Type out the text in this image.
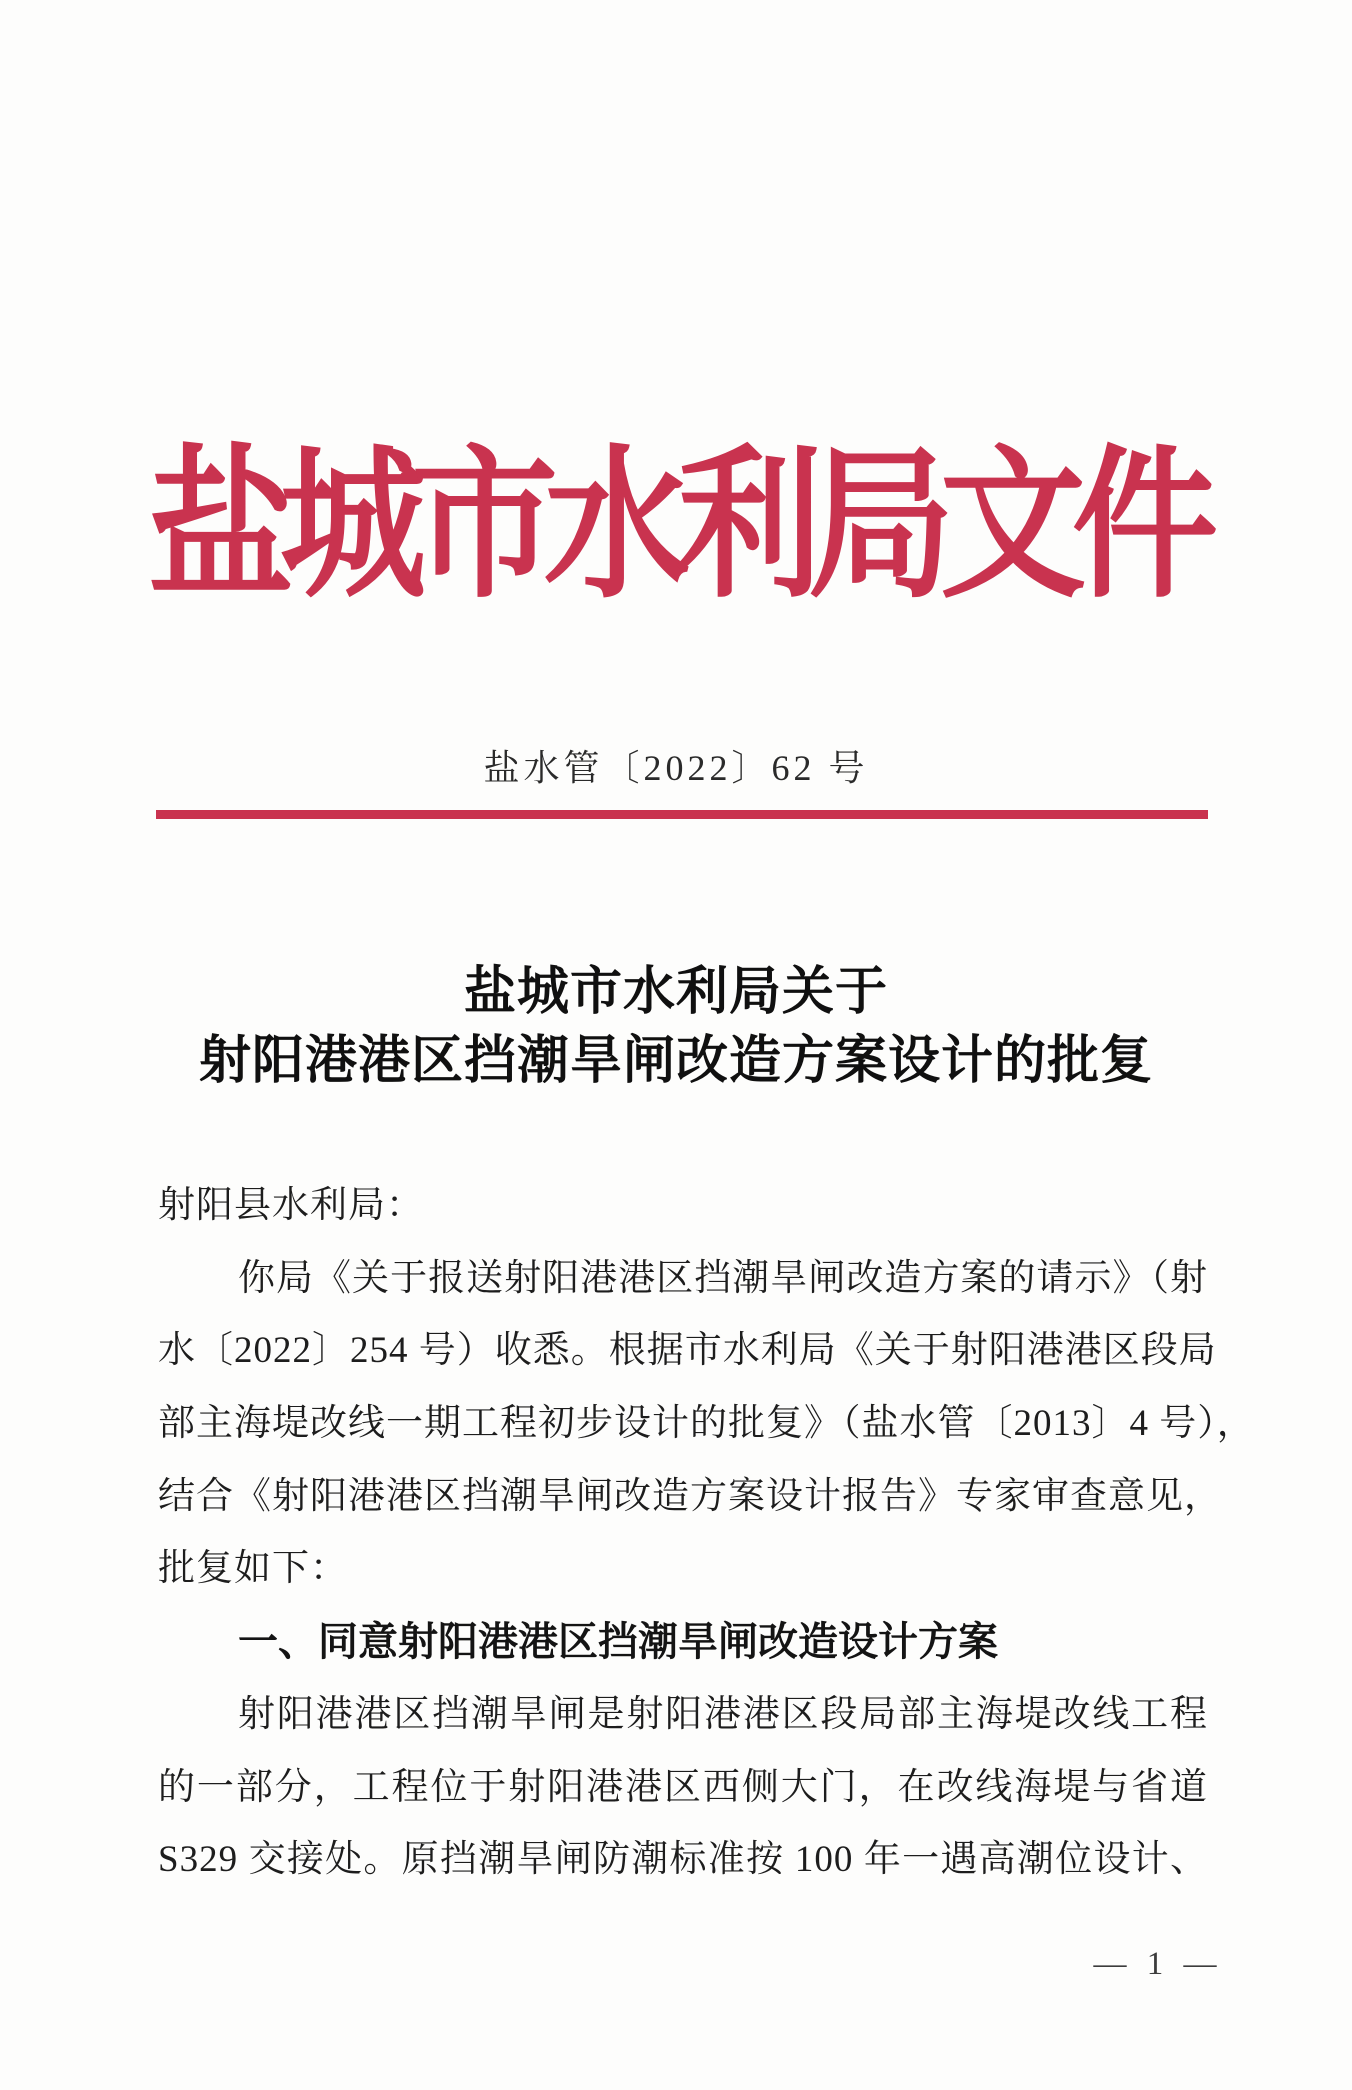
盐城市水利局文件
盐水管〔2022〕62 号
盐城市水利局关于
射阳港港区挡潮旱闸改造方案设计的批复
射阳县水利局：
你局《关于报送射阳港港区挡潮旱闸改造方案的请示》（射
水〔2022〕254 号）收悉。根据市水利局《关于射阳港港区段局
部主海堤改线一期工程初步设计的批复》（盐水管〔2013〕4 号），
结合《射阳港港区挡潮旱闸改造方案设计报告》专家审查意见，
批复如下：
一、同意射阳港港区挡潮旱闸改造设计方案
射阳港港区挡潮旱闸是射阳港港区段局部主海堤改线工程
的一部分，工程位于射阳港港区西侧大门，在改线海堤与省道
S329 交接处。原挡潮旱闸防潮标准按 100 年一遇高潮位设计、
— 1 —
